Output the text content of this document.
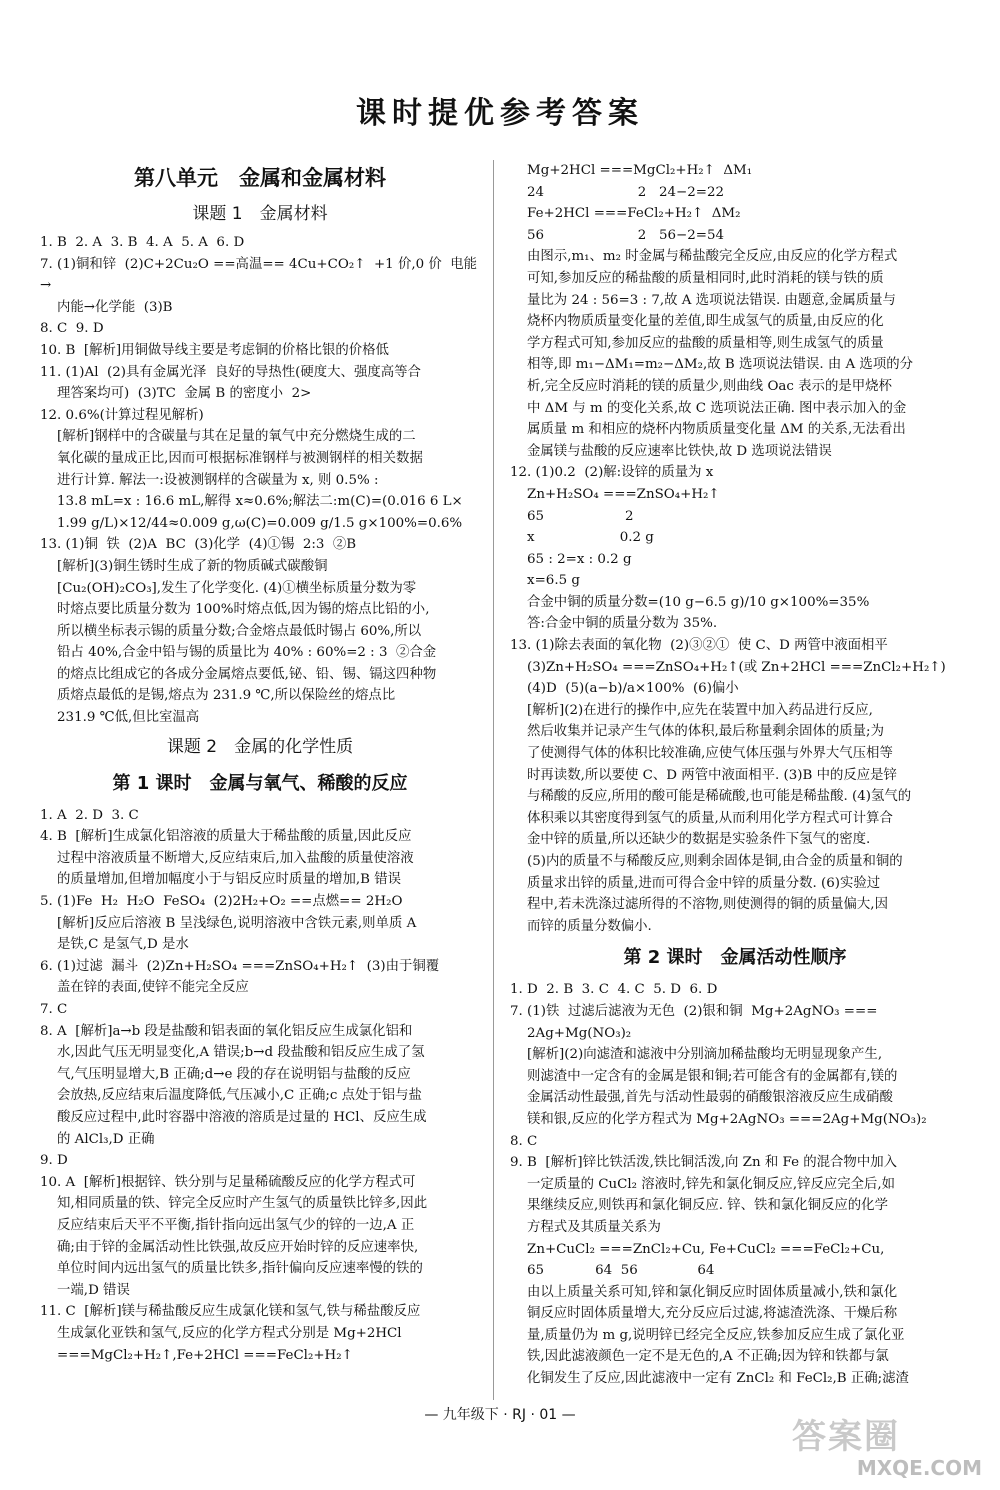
课时提优参考答案
第八单元　金属和金属材料
课题 1　金属材料

1. B  2. A  3. B  4. A  5. A  6. D

7. (1)铜和锌  (2)C+2Cu₂O ==高温== 4Cu+CO₂↑  +1 价,0 价  电能→

内能→化学能  (3)B

8. C  9. D

10. B  [解析]用铜做导线主要是考虑铜的价格比银的价格低

11. (1)Al  (2)具有金属光泽  良好的导热性(硬度大、强度高等合

理答案均可)  (3)TC  金属 B 的密度小  2>

12. 0.6%(计算过程见解析)

[解析]钢样中的含碳量与其在足量的氧气中充分燃烧生成的二

氧化碳的量成正比,因而可根据标准钢样与被测钢样的相关数据

进行计算. 解法一:设被测钢样的含碳量为 x, 则 0.5% :

13.8 mL=x : 16.6 mL,解得 x≈0.6%;解法二:m(C)=(0.016 6 L×

1.99 g/L)×12/44≈0.009 g,ω(C)=0.009 g/1.5 g×100%=0.6%

13. (1)铜  铁  (2)A  BC  (3)化学  (4)①锡  2:3  ②B

[解析](3)铜生锈时生成了新的物质碱式碳酸铜

[Cu₂(OH)₂CO₃],发生了化学变化. (4)①横坐标质量分数为零

时熔点要比质量分数为 100%时熔点低,因为锡的熔点比铅的小,

所以横坐标表示锡的质量分数;合金熔点最低时锡占 60%,所以

铅占 40%,合金中铅与锡的质量比为 40% : 60%=2 : 3  ②合金

的熔点比组成它的各成分金属熔点要低,铋、铅、锡、镉这四种物

质熔点最低的是锡,熔点为 231.9 ℃,所以保险丝的熔点比

231.9 ℃低,但比室温高

课题 2　金属的化学性质
第 1 课时　金属与氧气、稀酸的反应

1. A  2. D  3. C

4. B  [解析]生成氯化铝溶液的质量大于稀盐酸的质量,因此反应

过程中溶液质量不断增大,反应结束后,加入盐酸的质量使溶液

的质量增加,但增加幅度小于与铝反应时质量的增加,B 错误

5. (1)Fe  H₂  H₂O  FeSO₄  (2)2H₂+O₂ ==点燃== 2H₂O

[解析]反应后溶液 B 呈浅绿色,说明溶液中含铁元素,则单质 A

是铁,C 是氢气,D 是水

6. (1)过滤  漏斗  (2)Zn+H₂SO₄ ===ZnSO₄+H₂↑  (3)由于铜覆

盖在锌的表面,使锌不能完全反应

7. C

8. A  [解析]a→b 段是盐酸和铝表面的氧化铝反应生成氯化铝和

水,因此气压无明显变化,A 错误;b→d 段盐酸和铝反应生成了氢

气,气压明显增大,B 正确;d→e 段的存在说明铝与盐酸的反应

会放热,反应结束后温度降低,气压减小,C 正确;c 点处于铝与盐

酸反应过程中,此时容器中溶液的溶质是过量的 HCl、反应生成

的 AlCl₃,D 正确

9. D

10. A  [解析]根据锌、铁分别与足量稀硫酸反应的化学方程式可

知,相同质量的铁、锌完全反应时产生氢气的质量铁比锌多,因此

反应结束后天平不平衡,指针指向远出氢气少的锌的一边,A 正

确;由于锌的金属活动性比铁强,故反应开始时锌的反应速率快,

单位时间内远出氢气的质量比铁多,指针偏向反应速率慢的铁的

一端,D 错误

11. C  [解析]镁与稀盐酸反应生成氯化镁和氢气,铁与稀盐酸反应

生成氯化亚铁和氢气,反应的化学方程式分别是 Mg+2HCl

===MgCl₂+H₂↑,Fe+2HCl ===FeCl₂+H₂↑

Mg+2HCl ===MgCl₂+H₂↑  ΔM₁

24                      2   24−2=22

Fe+2HCl ===FeCl₂+H₂↑  ΔM₂

56                      2   56−2=54

由图示,m₁、m₂ 时金属与稀盐酸完全反应,由反应的化学方程式

可知,参加反应的稀盐酸的质量相同时,此时消耗的镁与铁的质

量比为 24 : 56=3 : 7,故 A 选项说法错误. 由题意,金属质量与

烧杯内物质质量变化量的差值,即生成氢气的质量,由反应的化

学方程式可知,参加反应的盐酸的质量相等,则生成氢气的质量

相等,即 m₁−ΔM₁=m₂−ΔM₂,故 B 选项说法错误. 由 A 选项的分

析,完全反应时消耗的镁的质量少,则曲线 Oac 表示的是甲烧杯

中 ΔM 与 m 的变化关系,故 C 选项说法正确. 图中表示加入的金

属质量 m 和相应的烧杯内物质质量变化量 ΔM 的关系,无法看出

金属镁与盐酸的反应速率比铁快,故 D 选项说法错误

12. (1)0.2  (2)解:设锌的质量为 x

Zn+H₂SO₄ ===ZnSO₄+H₂↑

65                   2

x                    0.2 g

65 : 2=x : 0.2 g

x=6.5 g

合金中铜的质量分数=(10 g−6.5 g)/10 g×100%=35%

答:合金中铜的质量分数为 35%.

13. (1)除去表面的氧化物  (2)③②①  使 C、D 两管中液面相平

(3)Zn+H₂SO₄ ===ZnSO₄+H₂↑(或 Zn+2HCl ===ZnCl₂+H₂↑)

(4)D  (5)(a−b)/a×100%  (6)偏小

[解析](2)在进行的操作中,应先在装置中加入药品进行反应,

然后收集并记录产生气体的体积,最后称量剩余固体的质量;为

了使测得气体的体积比较准确,应使气体压强与外界大气压相等

时再读数,所以要使 C、D 两管中液面相平. (3)B 中的反应是锌

与稀酸的反应,所用的酸可能是稀硫酸,也可能是稀盐酸. (4)氢气的

体积乘以其密度得到氢气的质量,从而利用化学方程式可计算合

金中锌的质量,所以还缺少的数据是实验条件下氢气的密度.

(5)内的质量不与稀酸反应,则剩余固体是铜,由合金的质量和铜的

质量求出锌的质量,进而可得合金中锌的质量分数. (6)实验过

程中,若未洗涤过滤所得的不溶物,则使测得的铜的质量偏大,因

而锌的质量分数偏小.

第 2 课时　金属活动性顺序

1. D  2. B  3. C  4. C  5. D  6. D

7. (1)铁  过滤后滤液为无色  (2)银和铜  Mg+2AgNO₃ ===

2Ag+Mg(NO₃)₂

[解析](2)向滤渣和滤液中分别滴加稀盐酸均无明显现象产生,

则滤渣中一定含有的金属是银和铜;若可能含有的金属都有,镁的

金属活动性最强,首先与活动性最弱的硝酸银溶液反应生成硝酸

镁和银,反应的化学方程式为 Mg+2AgNO₃ ===2Ag+Mg(NO₃)₂

8. C

9. B  [解析]锌比铁活泼,铁比铜活泼,向 Zn 和 Fe 的混合物中加入

一定质量的 CuCl₂ 溶液时,锌先和氯化铜反应,锌反应完全后,如

果继续反应,则铁再和氯化铜反应. 锌、铁和氯化铜反应的化学

方程式及其质量关系为

Zn+CuCl₂ ===ZnCl₂+Cu, Fe+CuCl₂ ===FeCl₂+Cu,

65            64  56              64

由以上质量关系可知,锌和氯化铜反应时固体质量减小,铁和氯化

铜反应时固体质量增大,充分反应后过滤,将滤渣洗涤、干燥后称

量,质量仍为 m g,说明锌已经完全反应,铁参加反应生成了氯化亚

铁,因此滤液颜色一定不是无色的,A 不正确;因为锌和铁都与氯

化铜发生了反应,因此滤液中一定有 ZnCl₂ 和 FeCl₂,B 正确;滤渣

— 九年级下 · RJ · 01 —
答案圈
MXQE.COM
